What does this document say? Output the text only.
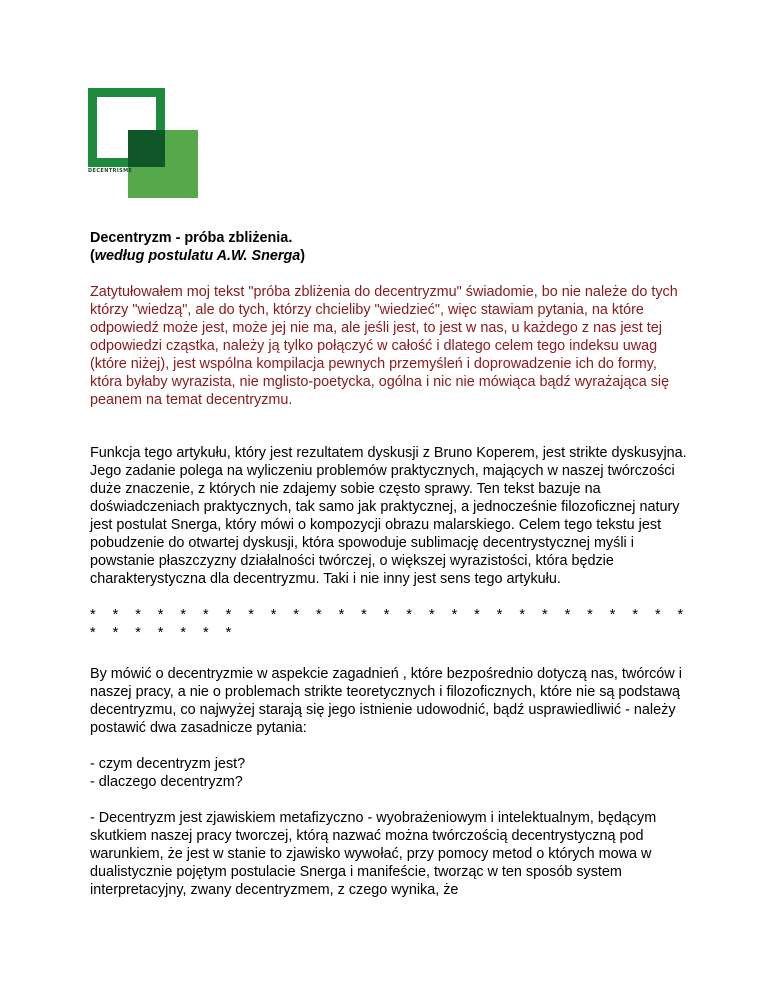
DECENTRISME

Decentryzm - próba zbliżenia.
(według postulatu A.W. Snerga)

Zatytułowałem moj tekst "próba zbliżenia do decentryzmu" świadomie, bo nie należe do tych którzy "wiedzą", ale do tych, którzy chcieliby "wiedzieć", więc stawiam pytania, na które odpowiedź może jest, może jej nie ma, ale jeśli jest, to jest w nas, u każdego z nas jest tej odpowiedzi cząstka, należy ją tylko połączyć w całość i dlatego celem tego indeksu uwag (które niżej), jest wspólna kompilacja pewnych przemyśleń i doprowadzenie ich do formy, która byłaby wyrazista, nie mglisto-poetycka, ogólna i nic nie mówiąca bądź wyrażająca się peanem na temat decentryzmu.

Funkcja tego artykułu, który jest rezultatem dyskusji z Bruno Koperem, jest strikte dyskusyjna. Jego zadanie polega na wyliczeniu problemów praktycznych, mających w naszej twórczości duże znaczenie, z których nie zdajemy sobie często sprawy. Ten tekst bazuje na doświadczeniach praktycznych, tak samo jak praktycznej, a jednocześnie filozoficznej natury jest postulat Snerga, który mówi o kompozycji obrazu malarskiego. Celem tego tekstu jest pobudzenie do otwartej dyskusji, która spowoduje sublimację decentrystycznej myśli i powstanie płaszczyzny działalności twórczej, o większej wyrazistości, która będzie charakterystyczna dla decentryzmu. Taki i nie inny jest sens tego artykułu.

* * * * * * * * * * * * * * * * * * * * * * * * * * * * * * * * * *

By mówić o decentryzmie w aspekcie zagadnień , które bezpośrednio dotyczą nas, twórców i naszej pracy, a nie o problemach strikte teoretycznych i filozoficznych, które nie są podstawą decentryzmu, co najwyżej starają się jego istnienie udowodnić, bądź usprawiedliwić - należy postawić dwa zasadnicze pytania:

- czym decentryzm jest?

- dlaczego decentryzm?

- Decentryzm jest zjawiskiem metafizyczno - wyobrażeniowym i intelektualnym, będącym skutkiem naszej pracy tworczej, którą nazwać można twórczością decentrystyczną pod warunkiem, że jest w stanie to zjawisko wywołać, przy pomocy metod o których mowa w dualistycznie pojętym postulacie Snerga i manifeście, tworząc w ten sposób system interpretacyjny, zwany decentryzmem, z czego wynika, że
